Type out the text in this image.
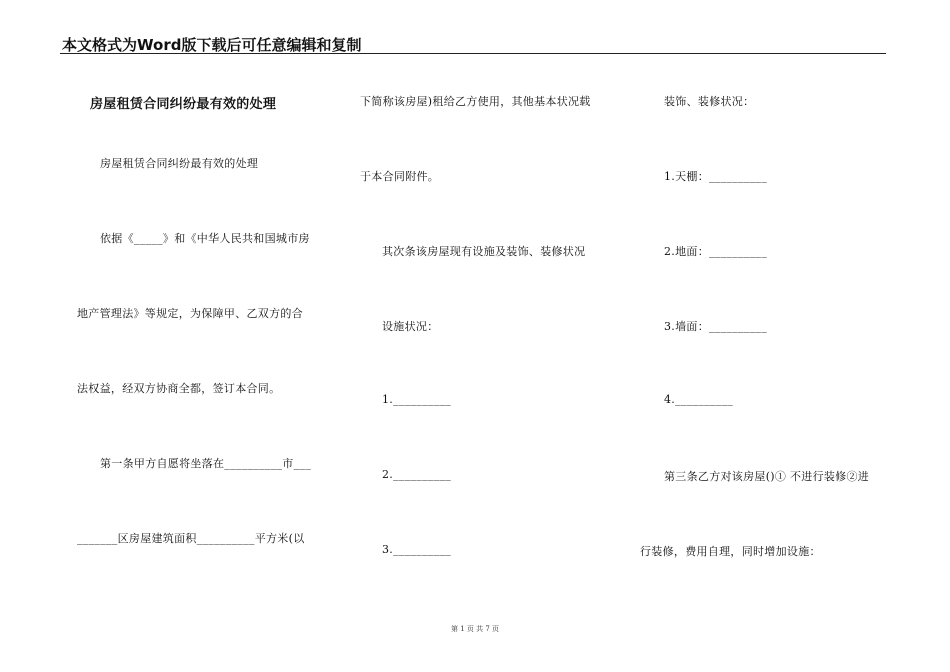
本文格式为Word版下载后可任意编辑和复制
房屋租赁合同纠纷最有效的处理
房屋租赁合同纠纷最有效的处理
依据《_____》和《中华人民共和国城市房
地产管理法》等规定，为保障甲、乙双方的合
法权益，经双方协商全都，签订本合同。
第一条甲方自愿将坐落在__________市___
_______区房屋建筑面积__________平方米(以
下简称该房屋)租给乙方使用，其他基本状况载
于本合同附件。
其次条该房屋现有设施及装饰、装修状况
设施状况：
1.__________
2.__________
3.__________
装饰、装修状况：
1.天棚：__________
2.地面：__________
3.墙面：__________
4.__________
第三条乙方对该房屋()① 不进行装修②进
行装修，费用自理，同时增加设施：
第 1 页 共 7 页
